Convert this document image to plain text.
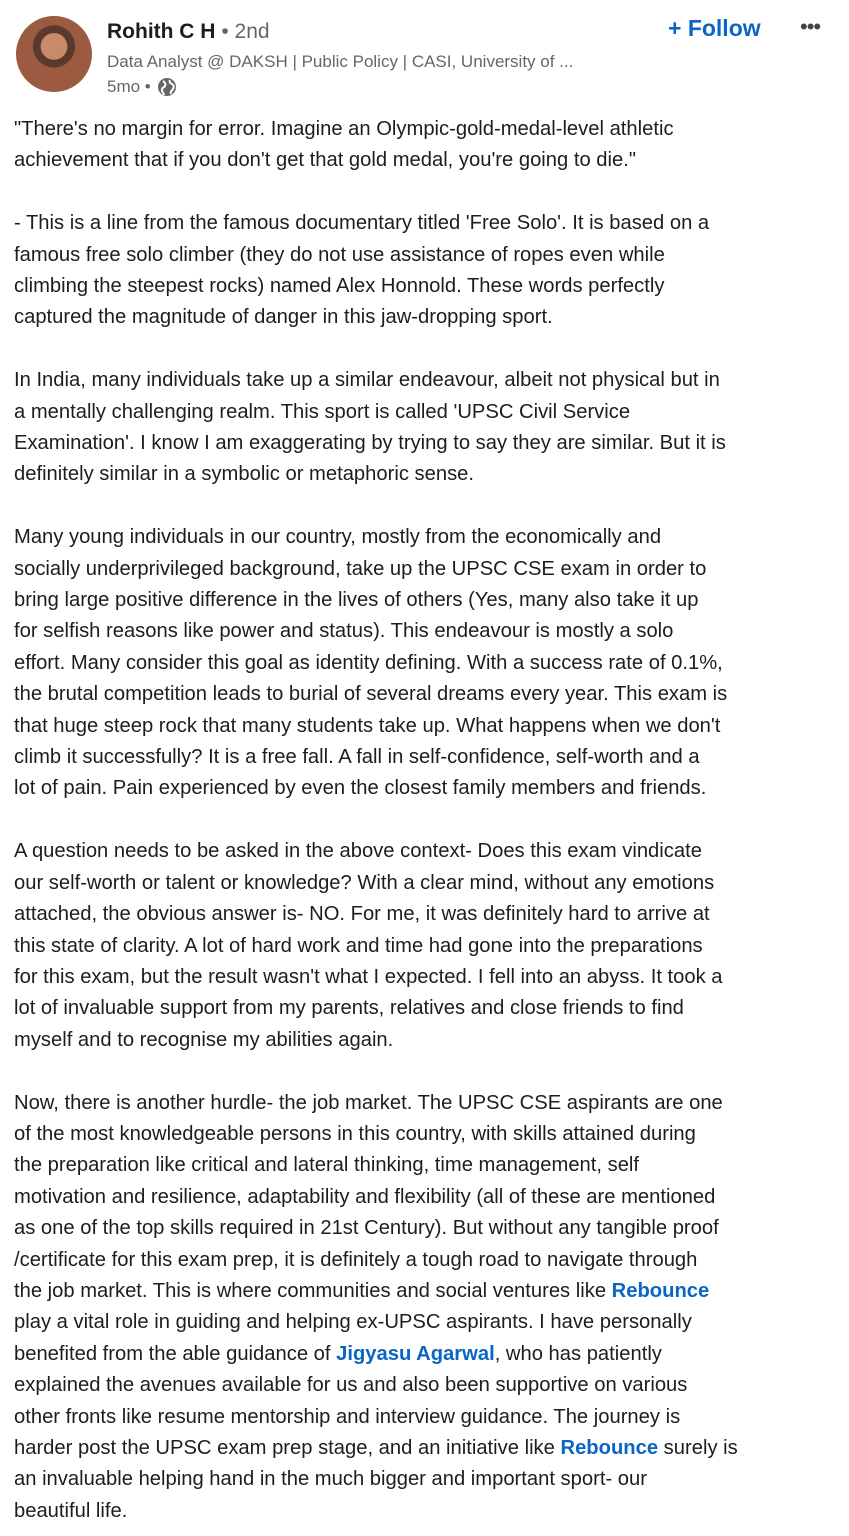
Rohith C H • 2nd
Data Analyst @ DAKSH | Public Policy | CASI, University of ...
5mo •
+ Follow •••
"There's no margin for error. Imagine an Olympic-gold-medal-level athletic
achievement that if you don't get that gold medal, you're going to die."
- This is a line from the famous documentary titled 'Free Solo'. It is based on a
famous free solo climber (they do not use assistance of ropes even while
climbing the steepest rocks) named Alex Honnold. These words perfectly
captured the magnitude of danger in this jaw-dropping sport.
In India, many individuals take up a similar endeavour, albeit not physical but in
a mentally challenging realm. This sport is called 'UPSC Civil Service
Examination'. I know I am exaggerating by trying to say they are similar. But it is
definitely similar in a symbolic or metaphoric sense.
Many young individuals in our country, mostly from the economically and
socially underprivileged background, take up the UPSC CSE exam in order to
bring large positive difference in the lives of others (Yes, many also take it up
for selfish reasons like power and status). This endeavour is mostly a solo
effort. Many consider this goal as identity defining. With a success rate of 0.1%,
the brutal competition leads to burial of several dreams every year. This exam is
that huge steep rock that many students take up. What happens when we don't
climb it successfully? It is a free fall. A fall in self-confidence, self-worth and a
lot of pain. Pain experienced by even the closest family members and friends.
A question needs to be asked in the above context- Does this exam vindicate
our self-worth or talent or knowledge? With a clear mind, without any emotions
attached, the obvious answer is- NO. For me, it was definitely hard to arrive at
this state of clarity. A lot of hard work and time had gone into the preparations
for this exam, but the result wasn't what I expected. I fell into an abyss. It took a
lot of invaluable support from my parents, relatives and close friends to find
myself and to recognise my abilities again.
Now, there is another hurdle- the job market. The UPSC CSE aspirants are one
of the most knowledgeable persons in this country, with skills attained during
the preparation like critical and lateral thinking, time management, self
motivation and resilience, adaptability and flexibility (all of these are mentioned
as one of the top skills required in 21st Century). But without any tangible proof
/certificate for this exam prep, it is definitely a tough road to navigate through
the job market. This is where communities and social ventures like Rebounce
play a vital role in guiding and helping ex-UPSC aspirants. I have personally
benefited from the able guidance of Jigyasu Agarwal, who has patiently
explained the avenues available for us and also been supportive on various
other fronts like resume mentorship and interview guidance. The journey is
harder post the UPSC exam prep stage, and an initiative like Rebounce surely is
an invaluable helping hand in the much bigger and important sport- our
beautiful life.
